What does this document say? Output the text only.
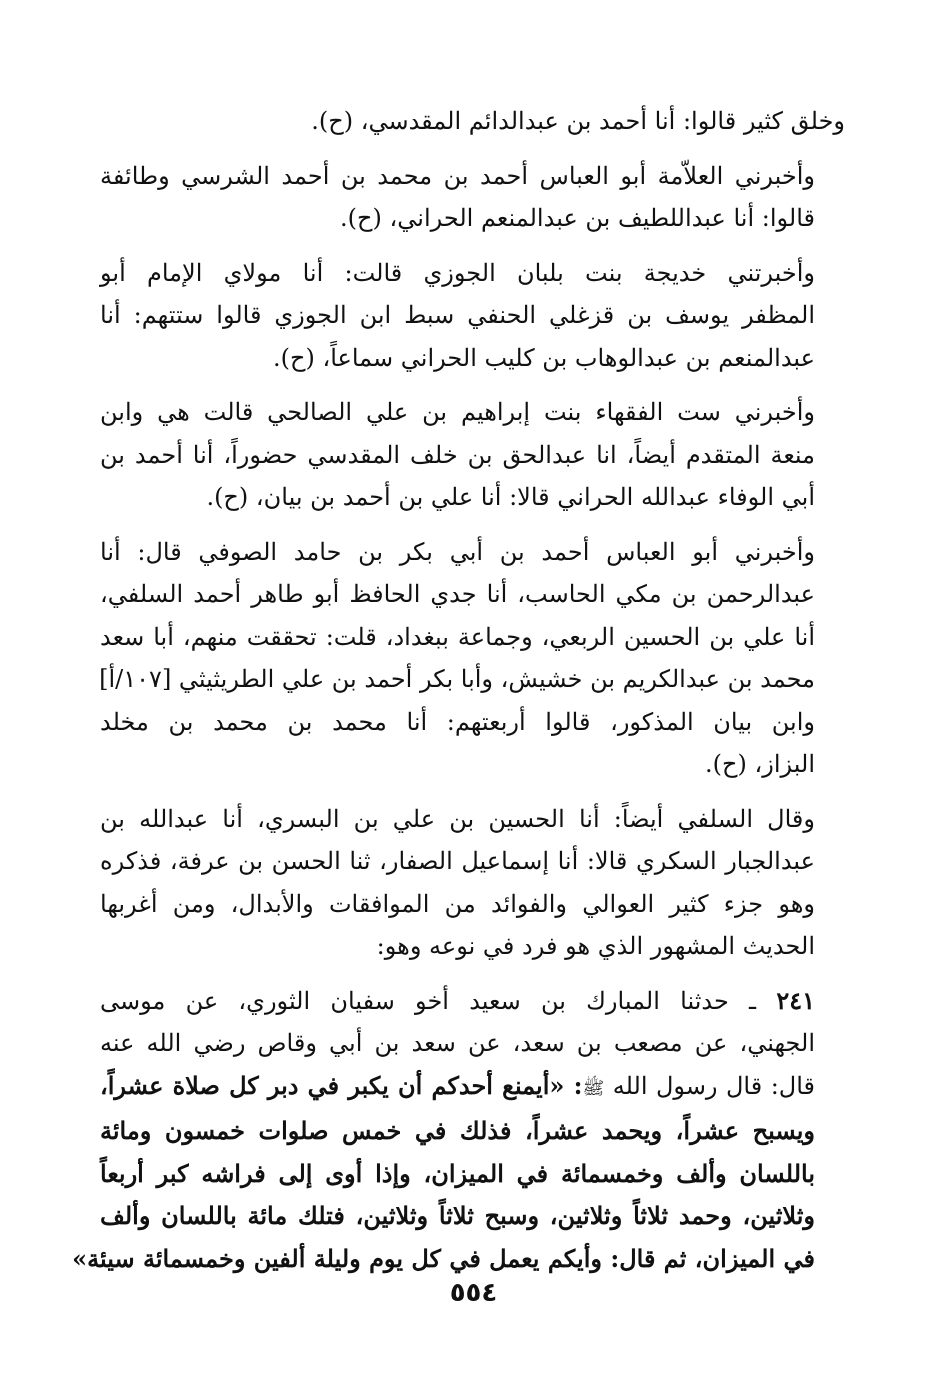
وخلق كثير قالوا: أنا أحمد بن عبدالدائم المقدسي، (ح).

وأخبرني العلاّمة أبو العباس أحمد بن محمد بن أحمد الشرسي وطائفة
قالوا: أنا عبداللطيف بن عبدالمنعم الحراني، (ح).

وأخبرتني خديجة بنت بلبان الجوزي قالت: أنا مولاي الإمام أبو
المظفر يوسف بن قزغلي الحنفي سبط ابن الجوزي قالوا ستتهم: أنا
عبدالمنعم بن عبدالوهاب بن كليب الحراني سماعاً، (ح).

وأخبرني ست الفقهاء بنت إبراهيم بن علي الصالحي قالت هي وابن
منعة المتقدم أيضاً، انا عبدالحق بن خلف المقدسي حضوراً، أنا أحمد بن
أبي الوفاء عبدالله الحراني قالا: أنا علي بن أحمد بن بيان، (ح).

وأخبرني أبو العباس أحمد بن أبي بكر بن حامد الصوفي قال: أنا
عبدالرحمن بن مكي الحاسب، أنا جدي الحافظ أبو طاهر أحمد السلفي،
أنا علي بن الحسين الربعي، وجماعة ببغداد، قلت: تحققت منهم، أبا سعد
محمد بن عبدالكريم بن خشيش، وأبا بكر أحمد بن علي الطريثيثي [١٠٧/أ]
وابن بيان المذكور، قالوا أربعتهم: أنا محمد بن محمد بن مخلد
البزاز، (ح).

وقال السلفي أيضاً: أنا الحسين بن علي بن البسري، أنا عبدالله بن
عبدالجبار السكري قالا: أنا إسماعيل الصفار، ثنا الحسن بن عرفة، فذكره
وهو جزء كثير العوالي والفوائد من الموافقات والأبدال، ومن أغربها
الحديث المشهور الذي هو فرد في نوعه وهو:

٢٤١ ـ حدثنا المبارك بن سعيد أخو سفيان الثوري، عن موسى
الجهني، عن مصعب بن سعد، عن سعد بن أبي وقاص رضي الله عنه
قال: قال رسول الله ﷺ: «أيمنع أحدكم أن يكبر في دبر كل صلاة عشراً،
ويسبح عشراً، ويحمد عشراً، فذلك في خمس صلوات خمسون ومائة
باللسان وألف وخمسمائة في الميزان، وإذا أوى إلى فراشه كبر أربعاً
وثلاثين، وحمد ثلاثاً وثلاثين، وسبح ثلاثاً وثلاثين، فتلك مائة باللسان وألف
في الميزان، ثم قال: وأيكم يعمل في كل يوم وليلة ألفين وخمسمائة سيئة»

٥٥٤
